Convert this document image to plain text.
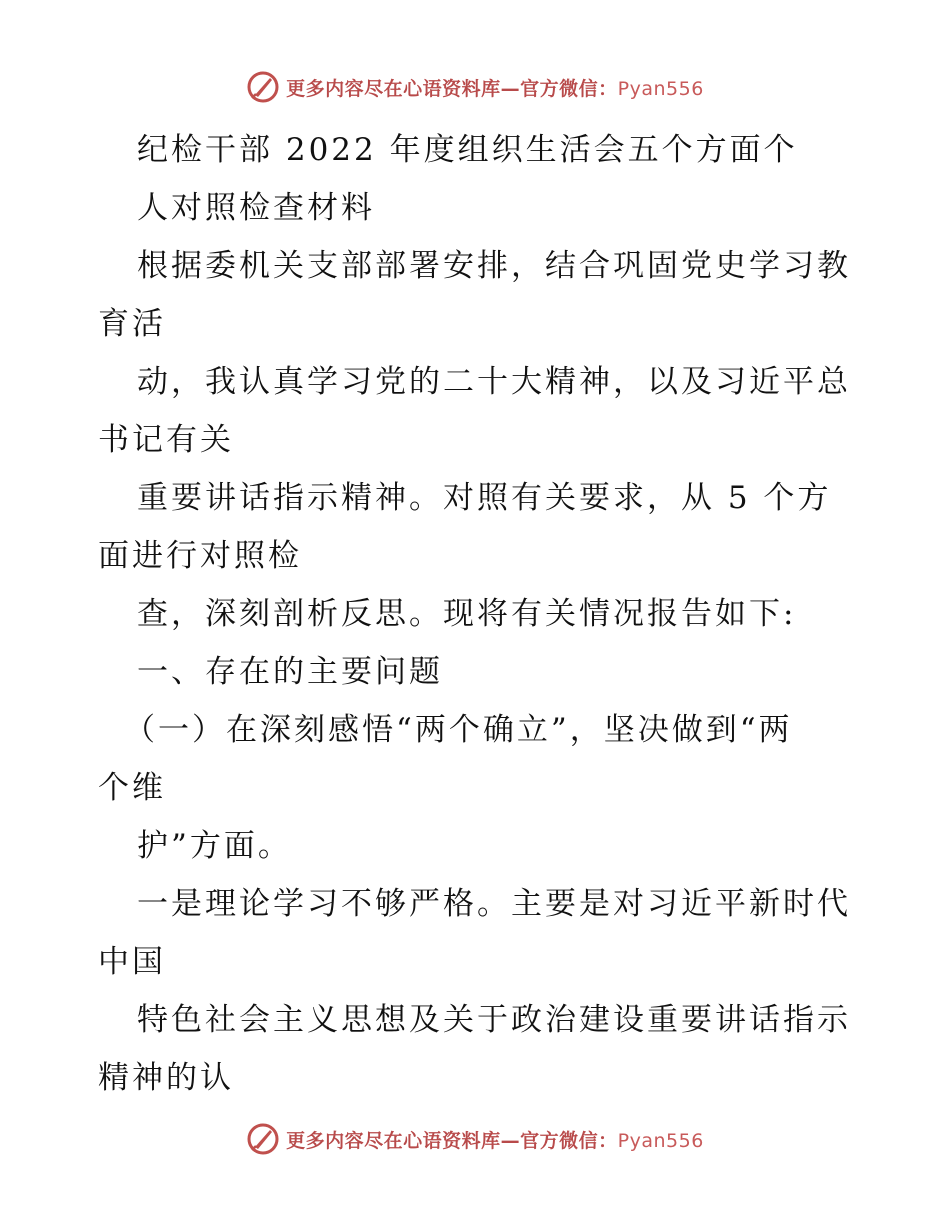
更多内容尽在心语资料库—官方微信：Pyan556
纪检干部 2022 年度组织生活会五个方面个
人对照检查材料
根据委机关支部部署安排，结合巩固党史学习教
育活
动，我认真学习党的二十大精神，以及习近平总
书记有关
重要讲话指示精神。对照有关要求，从 5 个方
面进行对照检
查，深刻剖析反思。现将有关情况报告如下:
一、存在的主要问题
（一）在深刻感悟“两个确立”，坚决做到“两
个维
护”方面。
一是理论学习不够严格。主要是对习近平新时代
中国
特色社会主义思想及关于政治建设重要讲话指示
精神的认
更多内容尽在心语资料库—官方微信：Pyan556
